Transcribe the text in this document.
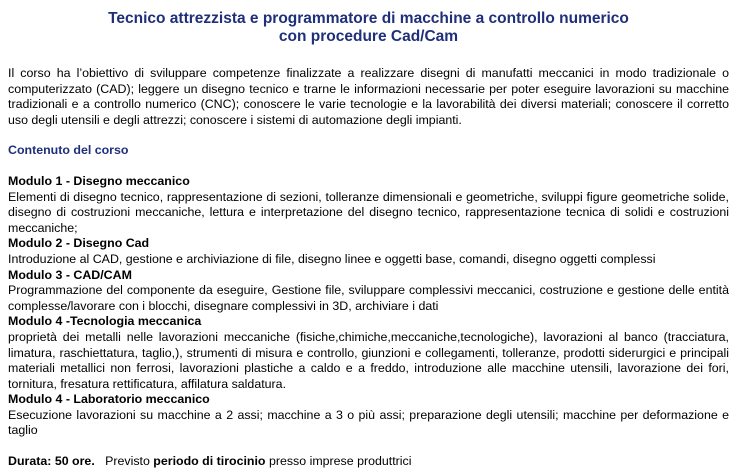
Tecnico attrezzista e programmatore di macchine a controllo numerico
con procedure Cad/Cam

Il corso ha l’obiettivo di sviluppare competenze finalizzate a realizzare disegni di manufatti meccanici in modo tradizionale o computerizzato (CAD); leggere un disegno tecnico e trarne le informazioni necessarie per poter eseguire lavorazioni su macchine tradizionali e a controllo numerico (CNC); conoscere le varie tecnologie e la lavorabilità dei diversi materiali; conoscere il corretto uso degli utensili e degli attrezzi; conoscere i sistemi di automazione degli impianti.

Contenuto del corso

Modulo 1 - Disegno meccanico

Elementi di disegno tecnico, rappresentazione di sezioni, tolleranze dimensionali e geometriche, sviluppi figure geometriche solide, disegno di costruzioni meccaniche, lettura e interpretazione del disegno tecnico, rappresentazione tecnica di solidi e costruzioni meccaniche;

Modulo 2 - Disegno Cad

Introduzione al CAD, gestione e archiviazione di file, disegno linee e oggetti base, comandi, disegno oggetti complessi

Modulo 3 - CAD/CAM

Programmazione del componente da eseguire, Gestione file, sviluppare complessivi meccanici, costruzione e gestione delle entità complesse/lavorare con i blocchi, disegnare complessivi in 3D, archiviare i dati

Modulo 4 -Tecnologia meccanica

proprietà dei metalli nelle lavorazioni meccaniche (fisiche,chimiche,meccaniche,tecnologiche), lavorazioni al banco (tracciatura, limatura, raschiettatura, taglio,), strumenti di misura e controllo, giunzioni e collegamenti, tolleranze, prodotti siderurgici e principali materiali metallici non ferrosi, lavorazioni plastiche a caldo e a freddo, introduzione alle macchine utensili, lavorazione dei fori, tornitura, fresatura rettificatura, affilatura saldatura.

Modulo 4 - Laboratorio meccanico

Esecuzione lavorazioni su macchine a 2 assi; macchine a 3 o più assi; preparazione degli utensili; macchine per deformazione e taglio

Durata: 50 ore.   Previsto periodo di tirocinio presso imprese produttrici
